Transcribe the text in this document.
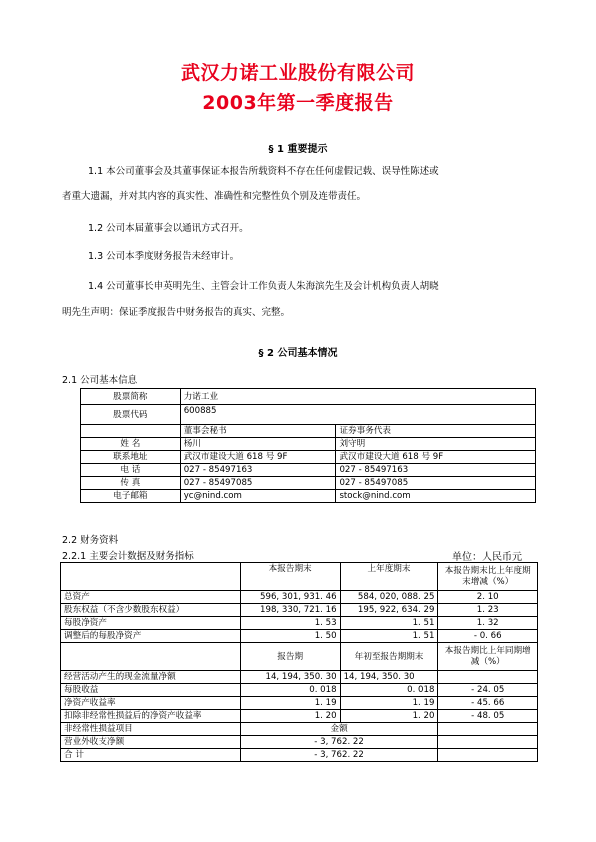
武汉力诺工业股份有限公司
2003年第一季度报告
§ 1 重要提示
1.1 本公司董事会及其董事保证本报告所载资料不存在任何虚假记载、误导性陈述或
者重大遗漏，并对其内容的真实性、准确性和完整性负个别及连带责任。
1.2 公司本届董事会以通讯方式召开。
1.3 公司本季度财务报告未经审计。
1.4 公司董事长申英明先生、主管会计工作负责人朱海滨先生及会计机构负责人胡晓
明先生声明：保证季度报告中财务报告的真实、完整。
§ 2 公司基本情况
2.1 公司基本信息
股票简称	力诺工业	
股票代码	600885	
	董事会秘书	证券事务代表
姓 名	杨川	刘守明
联系地址	武汉市建设大道 618 号 9F	武汉市建设大道 618 号 9F
电 话	027 - 85497163	027 - 85497163
传 真	027 - 85497085	027 - 85497085
电子邮箱	yc@nind.com	stock@nind.com
2.2 财务资料
2.2.1 主要会计数据及财务指标	单位：人民币元
	本报告期末	上年度期末	本报告期末比上年度期末增减（%）
总资产	596, 301, 931. 46	584, 020, 088. 25	2. 10
股东权益（不含少数股东权益）	198, 330, 721. 16	195, 922, 634. 29	1. 23
每股净资产	1. 53	1. 51	1. 32
调整后的每股净资产	1. 50	1. 51	- 0. 66
	报告期	年初至报告期期末	本报告期比上年同期增减（%）
经营活动产生的现金流量净额	14, 194, 350. 30	14, 194, 350. 30	
每股收益	0. 018	0. 018	- 24. 05
净资产收益率	1. 19	1. 19	- 45. 66
扣除非经常性损益后的净资产收益率	1. 20	1. 20	- 48. 05
非经常性损益项目	金额		
营业外收支净额	- 3, 762. 22		
合 计	- 3, 762. 22		
